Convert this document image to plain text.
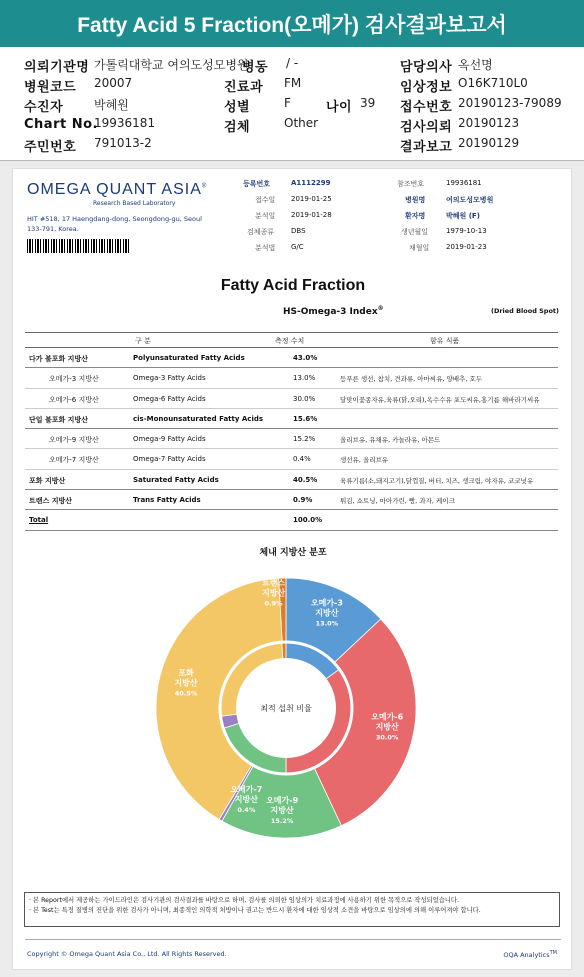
Fatty Acid 5 Fraction(오메가) 검사결과보고서
의뢰기관명 가톨릭대학교 여의도성모병원
병동 / -	담당의사 옥선명
병원코드 20007	진료과 FM	임상정보 O16K710L0
수진자	박혜원	성별	F	나이 39 접수번호 20190123-79089
Chart No.
19936181	검체	Other	검사의뢰 20190123
주민번호 791013-2	결과보고 20190129
OMEGA QUANT ASIA®
Research Based Laboratory
HIT #518, 17 Haengdang-dong, Seongdong-gu, Seoul 133-791, Korea.
등록번호	A1112299	참조번호	19936181
접수일 2019-01-25	병원명	여의도성모병원
분석일 2019-01-28	환자명	박혜원 (F)
검체종류 DBS	생년월일	1979-10-13
분석법 G/C	채혈일 2019-01-23
Fatty Acid Fraction
HS-Omega-3 Index®	(Dried Blood Spot)
구 분	측정 수치	함유 식품
다가 불포화 지방산	Polyunsaturated Fatty Acids	43.0%
오메가-3 지방산	Omega-3 Fatty Acids	13.0%	등푸른 생선, 참치, 견과류, 아마씨유, 양배추, 호두
오메가-6 지방산	Omega-6 Fatty Acids	30.0%	달맞이꽃종자유,육류(닭,오리),옥수수유 포도씨유,홍기름 해바라기씨유
단일 불포화 지방산	cis-Monounsaturated Fatty Acids	15.6%
오메가-9 지방산	Omega-9 Fatty Acids	15.2%	올리브유, 유채유, 카놀라유, 아몬드
오메가-7 지방산	Omega-7 Fatty Acids	0.4%	생선유, 올리브유
포화 지방산	Saturated Fatty Acids	40.5%	육류기름(소,돼지고기),닭껍질, 버터, 치즈, 생크림, 야자유, 코코넛유
트랜스 지방산	Trans Fatty Acids	0.9%	튀김, 쇼트닝, 마아가린, 빵, 과자, 케이크
Total	100.0%
체내 지방산 분포
최적 섭취 비율
오메가-3 지방산 13.0%
오메가-6 지방산 30.0%
오메가-9 지방산 15.2%
오메가-7 지방산 0.4%
포화 지방산 40.5%
트랜스 지방산 0.9%
· 본 Report에서 제공하는 가이드라인은 검사기관의 검사결과를 바탕으로 하며, 검사를 의뢰한 임상의가 치료과정에 사용하기 위한 목적으로 작성되었습니다.
· 본 Test는 특정 질병의 진단을 위한 검사가 아니며, 최종적인 의학적 처방이나 권고는 반드시 환자에 대한 임상적 소견을 바탕으로 임상의에 의해 이루어져야 합니다.
Copyright © Omega Quant Asia Co., Ltd. All Rights Reserved.	OQA Analytics™
